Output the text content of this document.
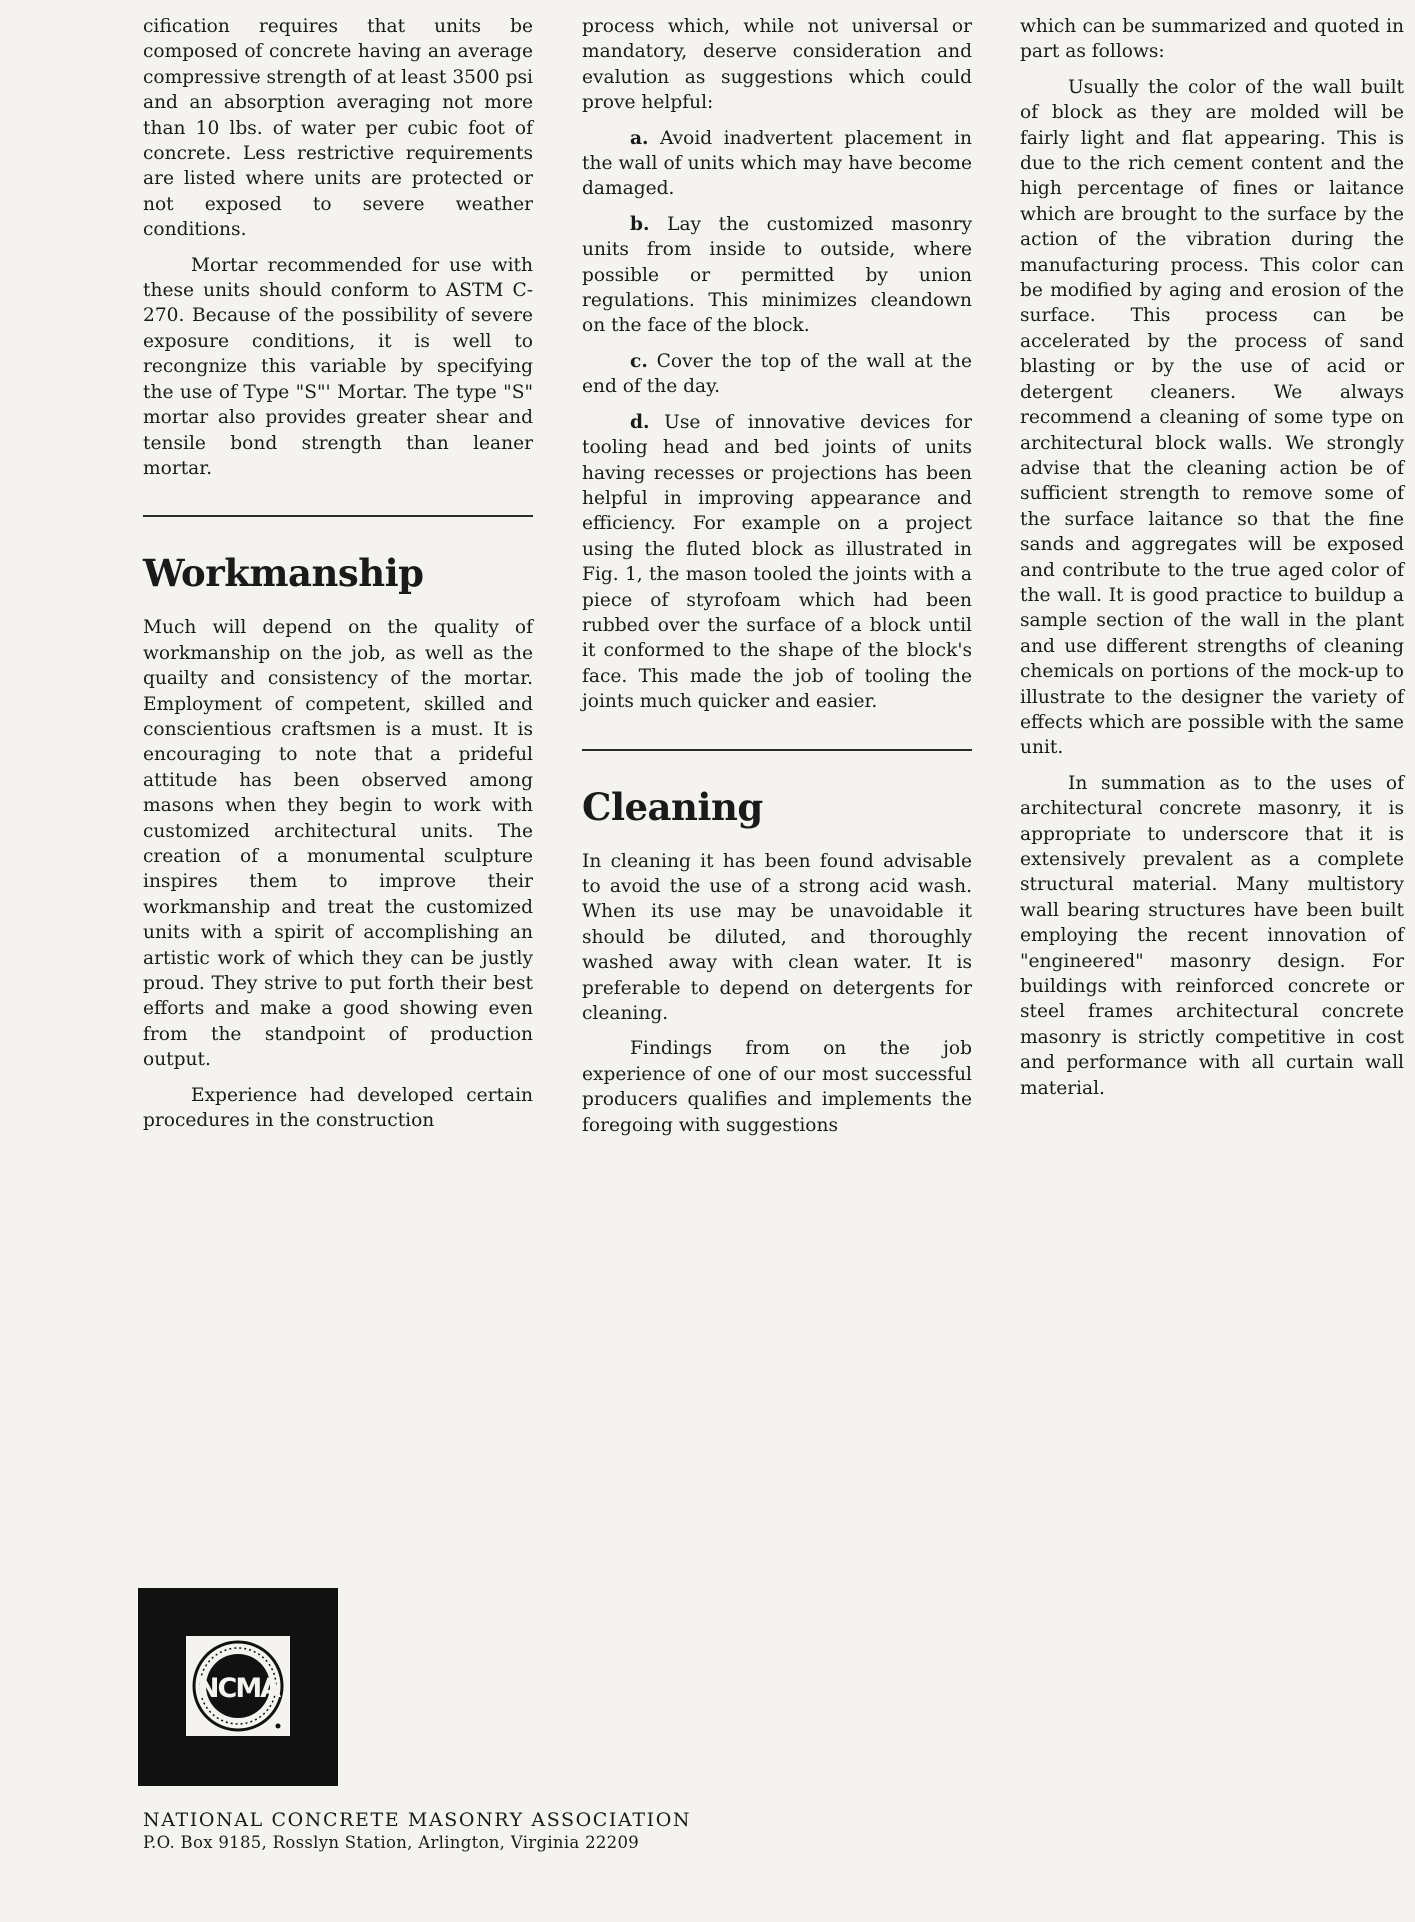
cification requires that units be composed of concrete having an average compressive strength of at least 3500 psi and an absorption averaging not more than 10 lbs. of water per cubic foot of concrete. Less restrictive requirements are listed where units are protected or not exposed to severe weather conditions.

Mortar recommended for use with these units should conform to ASTM C-270. Because of the possibility of severe exposure conditions, it is well to recongnize this variable by specifying the use of Type "S"' Mortar. The type "S" mortar also provides greater shear and tensile bond strength than leaner mortar.

Workmanship

Much will depend on the quality of workmanship on the job, as well as the quailty and consistency of the mortar. Employment of competent, skilled and conscientious craftsmen is a must. It is encouraging to note that a prideful attitude has been observed among masons when they begin to work with customized architectural units. The creation of a monumental sculpture inspires them to improve their workmanship and treat the customized units with a spirit of accomplishing an artistic work of which they can be justly proud. They strive to put forth their best efforts and make a good showing even from the standpoint of production output.

Experience had developed certain procedures in the construction

process which, while not universal or mandatory, deserve consideration and evalution as suggestions which could prove helpful:

a. Avoid inadvertent placement in the wall of units which may have become damaged.

b. Lay the customized masonry units from inside to outside, where possible or permitted by union regulations. This minimizes cleandown on the face of the block.

c. Cover the top of the wall at the end of the day.

d. Use of innovative devices for tooling head and bed joints of units having recesses or projections has been helpful in improving appearance and efficiency. For example on a project using the fluted block as illustrated in Fig. 1, the mason tooled the joints with a piece of styrofoam which had been rubbed over the surface of a block until it conformed to the shape of the block's face. This made the job of tooling the joints much quicker and easier.

Cleaning

In cleaning it has been found advisable to avoid the use of a strong acid wash. When its use may be unavoidable it should be diluted, and thoroughly washed away with clean water. It is preferable to depend on detergents for cleaning.

Findings from on the job experience of one of our most successful producers qualifies and implements the foregoing with suggestions

which can be summarized and quoted in part as follows:

Usually the color of the wall built of block as they are molded will be fairly light and flat appearing. This is due to the rich cement content and the high percentage of fines or laitance which are brought to the surface by the action of the vibration during the manufacturing process. This color can be modified by aging and erosion of the surface. This process can be accelerated by the process of sand blasting or by the use of acid or detergent cleaners. We always recommend a cleaning of some type on architectural block walls. We strongly advise that the cleaning action be of sufficient strength to remove some of the surface laitance so that the fine sands and aggregates will be exposed and contribute to the true aged color of the wall. It is good practice to buildup a sample section of the wall in the plant and use different strengths of cleaning chemicals on portions of the mock-up to illustrate to the designer the variety of effects which are possible with the same unit.

In summation as to the uses of architectural concrete masonry, it is appropriate to underscore that it is extensively prevalent as a complete structural material. Many multistory wall bearing structures have been built employing the recent innovation of "engineered" masonry design. For buildings with reinforced concrete or steel frames architectural concrete masonry is strictly competitive in cost and performance with all curtain wall material.

NCMA
NATIONAL CONCRETE MASONRY ASSOCIATION
P.O. Box 9185, Rosslyn Station, Arlington, Virginia 22209
